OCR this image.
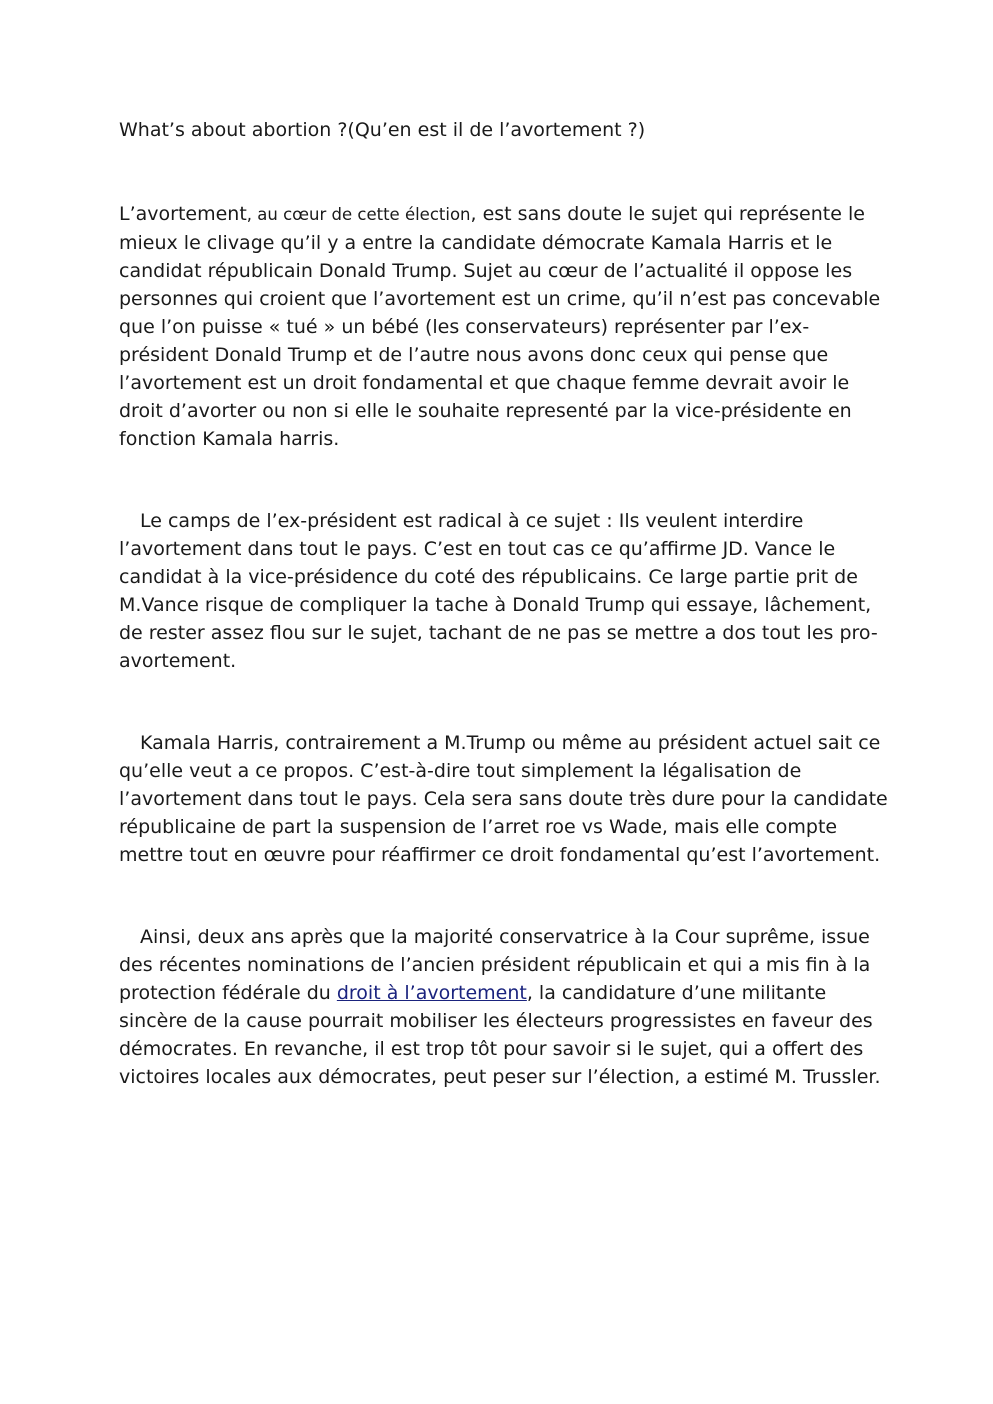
What’s about abortion ?(Qu’en est il de l’avortement ?)

L’avortement, au cœur de cette élection, est sans doute le sujet qui représente le mieux le clivage qu’il y a entre la candidate démocrate Kamala Harris et le candidat républicain Donald Trump. Sujet au cœur de l’actualité il oppose les personnes qui croient que l’avortement est un crime, qu’il n’est pas concevable que l’on puisse « tué » un bébé (les conservateurs) représenter par l’ex-président Donald Trump et de l’autre nous avons donc ceux qui pense que l’avortement est un droit fondamental et que chaque femme devrait avoir le droit d’avorter ou non si elle le souhaite representé par la vice-présidente en fonction Kamala harris.

Le camps de l’ex-président est radical à ce sujet : Ils veulent interdire l’avortement dans tout le pays. C’est en tout cas ce qu’affirme JD. Vance le candidat à la vice-présidence du coté des républicains. Ce large partie prit de M.Vance risque de compliquer la tache à Donald Trump qui essaye, lâchement, de rester assez flou sur le sujet, tachant de ne pas se mettre a dos tout les pro-avortement.

Kamala Harris, contrairement a M.Trump ou même au président actuel sait ce qu’elle veut a ce propos. C’est-à-dire tout simplement la légalisation de l’avortement dans tout le pays. Cela sera sans doute très dure pour la candidate républicaine de part la suspension de l’arret roe vs Wade, mais elle compte mettre tout en œuvre pour réaffirmer ce droit fondamental qu’est l’avortement.

Ainsi, deux ans après que la majorité conservatrice à la Cour suprême, issue des récentes nominations de l’ancien président républicain et qui a mis fin à la protection fédérale du droit à l’avortement, la candidature d’une militante sincère de la cause pourrait mobiliser les électeurs progressistes en faveur des démocrates. En revanche, il est trop tôt pour savoir si le sujet, qui a offert des victoires locales aux démocrates, peut peser sur l’élection, a estimé M. Trussler.
